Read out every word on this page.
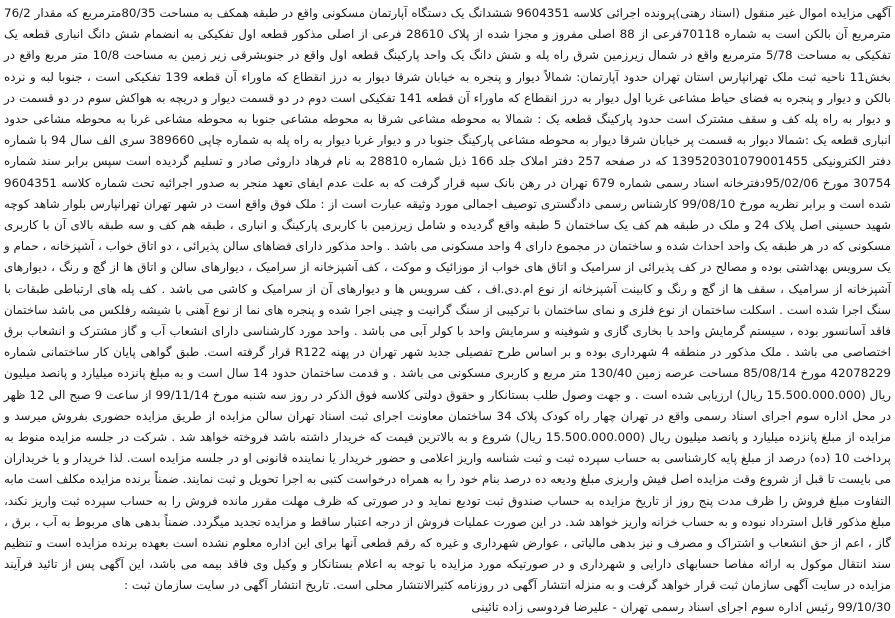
آگهی مزایده اموال غیر منقول (اسناد رهنی)پرونده اجرائی کلاسه 9604351 ششدانگ یک دستگاه آپارتمان مسکونی واقع در طبقه همکف به مساحت 80/35مترمربع که مقدار 76/2 مترمربع آن بالکن است به شماره 70118فرعی از 88 اصلی مفروز و مجزا شده از پلاک 28610 فرعی از اصلی مذکور قطعه اول تفکیکی به انضمام شش دانگ انباری قطعه یک تفکیکی به مساحت 5/78 مترمربع واقع در شمال زیرزمین شرق راه پله و شش دانگ یک واحد پارکینگ قطعه اول واقع در جنوبشرقی زیر زمین به مساحت 10/8 متر مربع واقع در بخش11 ناحیه ثبت ملک تهرانپارس استان تهران حدود آپارتمان: شمالاً دیوار و پنجره به خیابان شرقا دیوار به درز انقطاع که ماوراء آن قطعه 139 تفکیکی است ، جنوبا لبه و نرده بالکن و دیوار و پنجره به فضای حیاط مشاعی غربا اول دیوار به درز انقطاع که ماوراء آن قطعه 141 تفکیکی است دوم در دو قسمت دیوار و دریچه به هواکش سوم در دو قسمت در و دیوار به راه پله کف و سقف مشترک است حدود پارکینگ قطعه یک : شمالا به محوطه مشاعی شرقا به محوطه مشاعی جنوبا به محوطه مشاعی غربا به محوطه مشاعی حدود انباری قطعه یک :شمالا دیوار به قسمت پر خیابان شرقا دیوار به محوطه مشاعی پارکینگ جنوبا در و دیوار غربا دیوار به راه پله به شماره چاپی 389660 سری الف سال 94 با شماره دفتر الکترونیکی 139520301079001455 که در صفحه 257 دفتر املاک جلد 166 ذیل شماره 28810 به نام فرهاد داروئی صادر و تسلیم گردیده است سپس برابر سند شماره 30754 مورخ 95/02/06دفترخانه اسناد رسمی شماره 679 تهران در رهن بانک سپه قرار گرفت که به علت عدم ایفای تعهد منجر به صدور اجرائیه تحت شماره کلاسه 9604351 شده است و برابر نظریه مورخ 99/08/10 کارشناس رسمی دادگستری توصیف اجمالی مورد وثیقه عبارت است از : ملک فوق واقع است در شهر تهران تهرانپارس بلوار شاهد کوچه شهید حسینی اصل پلاک 24 و ملک در طبقه هم کف یک ساختمان 5 طبقه واقع گردیده و شامل زیرزمین با کاربری پارکینگ و انباری ، طبقه هم کف و سه طبقه بالای آن با کاربری مسکونی که در هر طبقه یک واحد احداث شده و ساختمان در مجموع دارای 4 واحد مسکونی می باشد . واحد مذکور دارای فضاهای سالن پذیرائی ، دو اتاق خواب ، آشپزخانه ، حمام و یک سرویس بهداشتی بوده و مصالح در کف پذیرائی از سرامیک و اتاق های خواب از موزائیک و موکت ، کف آشپزخانه از سرامیک ، دیوارهای سالن و اتاق ها از گچ و رنگ ، دیوارهای آشپزخانه از سرامیک ، سقف ها از گچ و رنگ و کابینت آشپزخانه از نوع ام.دی.اف ، کف سرویس ها و دیوارهای آن از سرامیک و کاشی می باشد . کف پله های ارتباطی طبقات با سنگ اجرا شده است . اسکلت ساختمان از نوع فلزی و نمای ساختمان با ترکیبی از سنگ گرانیت و چینی اجرا شده و پنجره های نما از نوع آهنی با شیشه رفلکس می باشد ساختمان فاقد آسانسور بوده ، سیستم گرمایش واحد با بخاری گازی و شوفینه و سرمایش واحد با کولر آبی می باشد . واحد مورد کارشناسی دارای انشعاب آب و گاز مشترک و انشعاب برق اختصاصی می باشد . ملک مذکور در منطقه 4 شهرداری بوده و بر اساس طرح تفصیلی جدید شهر تهران در پهنه R122 قرار گرفته است. طبق گواهی پایان کار ساختمانی شماره 42078229 مورخ 85/08/14 مساحت عرصه زمین 130/40 متر مربع و کاربری مسکونی می باشد . و قدمت ساختمان حدود 14 سال است و به مبلغ پانزده میلیارد و پانصد میلیون ریال (15.500.000.000 ریال) ارزیابی شده است . و جهت وصول طلب بستانکار و حقوق دولتی کلاسه فوق الذکر در روز سه شنبه مورخ 99/11/14 از ساعت 9 صبح الی 12 ظهر در محل اداره سوم اجرای اسناد رسمی واقع در تهران چهار راه کودک پلاک 34 ساختمان معاونت اجرای ثبت اسناد تهران سالن مزایده از طریق مزایده حضوری بفروش میرسد و مزایده از مبلغ پانزده میلیارد و پانصد میلیون ریال (15.500.000.000 ریال) شروع و به بالاترین قیمت که خریدار داشته باشد فروخته خواهد شد . شرکت در جلسه مزایده منوط به پرداخت 10 (ده) درصد از مبلغ پایه کارشناسی به حساب سپرده ثبت و ثبت شناسه واریز اعلامی و حضور خریدار یا نماینده قانونی او در جلسه مزایده است. لذا خریدار و یا خریداران می بایست تا قبل از شروع وقت مزایده اصل فیش واریزی مبلغ ودیعه ده درصد بنام خود را به همراه درخواست کتبی به اجرا تحویل و ثبت نمایند. ضمناً برنده مزایده مکلف است مابه التفاوت مبلغ فروش را ظرف مدت پنج روز از تاریخ مزایده به حساب صندوق ثبت تودیع نماید و در صورتی که ظرف مهلت مقرر مانده فروش را به حساب سپرده ثبت واریز نکند، مبلغ مذکور قابل استرداد نبوده و به حساب خزانه واریز خواهد شد. در این صورت عملیات فروش از درجه اعتبار ساقط و مزایده تجدید میگردد. ضمناً بدهی های مربوط به آب ، برق ، گاز ، اعم از حق انشعاب و اشتراک و مصرف و نیز بدهی مالیاتی ، عوارض شهرداری و غیره که رقم قطعی آنها برای این اداره معلوم نشده است بعهده برنده مزایده است و تنظیم سند انتقال موکول به ارائه مفاصا حسابهای دارایی و شهرداری و در صورتیکه مورد مزایده با توجه به اعلام بستانکار و وکیل وی فاقد بیمه می باشد، این آگهی پس از تائید فرآیند مزایده در سایت آگهی سازمان ثبت قرار خواهد گرفت و به منزله انتشار آگهی در روزنامه کثیرالانتشار محلی است. تاریخ انتشار آگهی در سایت سازمان ثبت :

99/10/30 رئیس اداره سوم اجرای اسناد رسمی تهران - علیرضا فردوسی زاده تائینی
